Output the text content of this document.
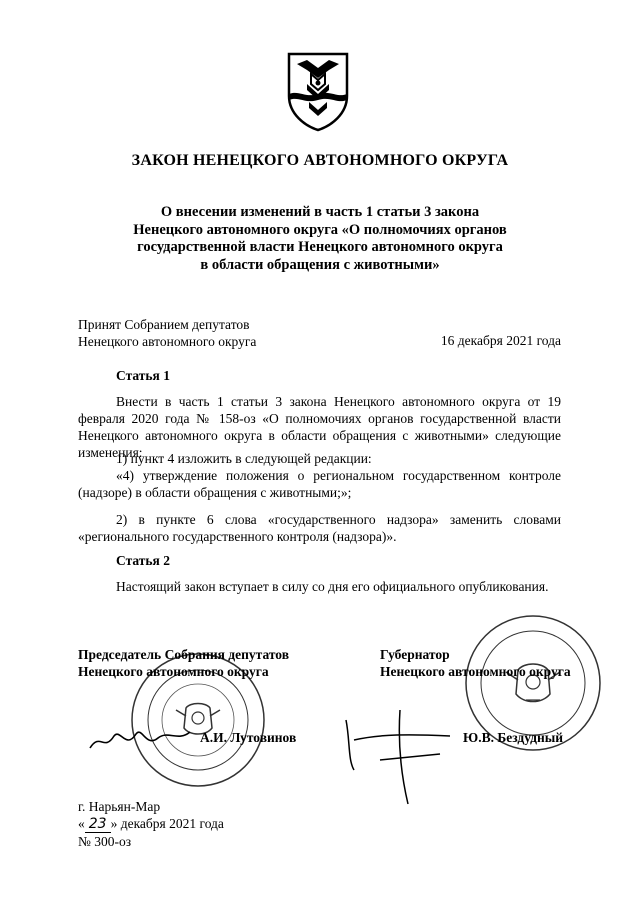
ЗАКОН НЕНЕЦКОГО АВТОНОМНОГО ОКРУГА
О внесении изменений в часть 1 статьи 3 закона
Ненецкого автономного округа «О полномочиях органов
государственной власти Ненецкого автономного округа
в области обращения с животными»
Принят Собранием депутатов
Ненецкого автономного округа	16 декабря 2021 года
Статья 1
Внести в часть 1 статьи 3 закона Ненецкого автономного округа от 19 февраля 2020 года № 158-оз «О полномочиях органов государственной власти Ненецкого автономного округа в области обращения с животными» следующие изменения:
1) пункт 4 изложить в следующей редакции:
«4) утверждение положения о региональном государственном контроле (надзоре) в области обращения с животными;»;
2) в пункте 6 слова «государственного надзора» заменить словами «регионального государственного контроля (надзора)».
Статья 2
Настоящий закон вступает в силу со дня его официального опубликования.
Председатель Собрания депутатов
Ненецкого автономного округа
Губернатор
Ненецкого автономного округа
А.И. Лутовинов	Ю.В. Бездудный
г. Нарьян-Мар
« 23 » декабря 2021 года
№ 300-оз
